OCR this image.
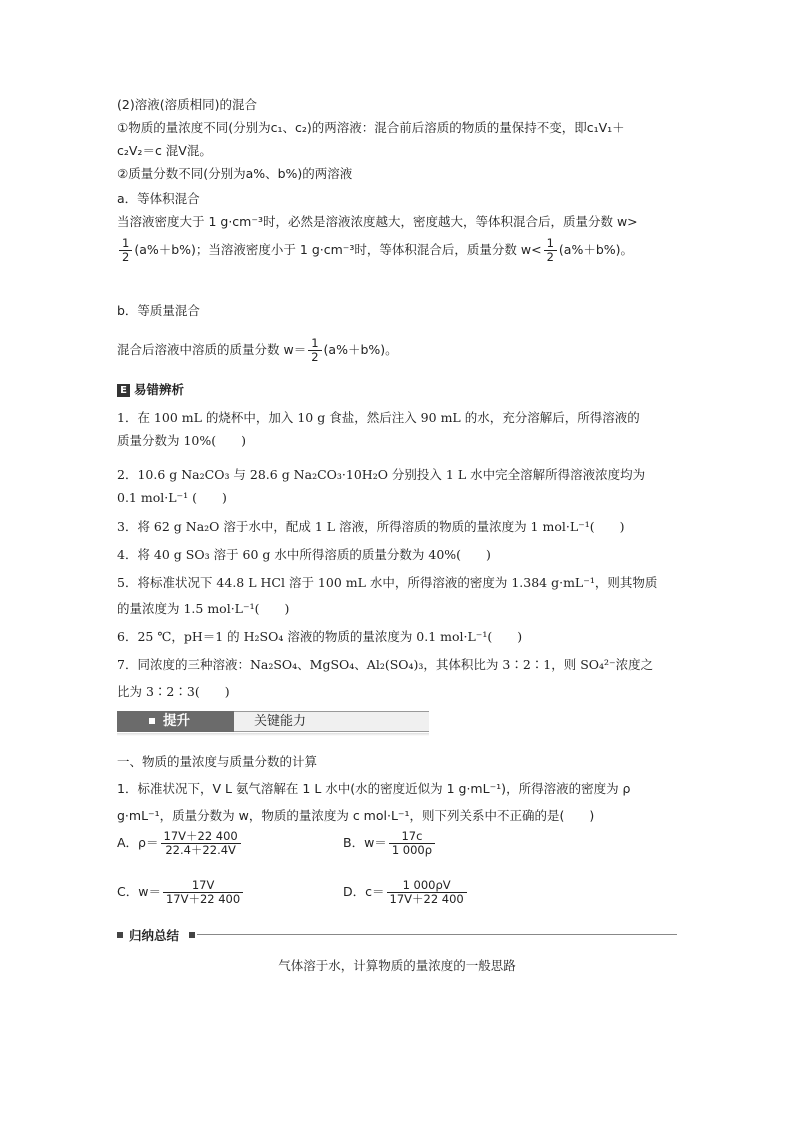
(2)溶液(溶质相同)的混合
①物质的量浓度不同(分别为c₁、c₂)的两溶液：混合前后溶质的物质的量保持不变，即c₁V₁＋
c₂V₂＝c 混V混。
②质量分数不同(分别为a%、b%)的两溶液
a．等体积混合
当溶液密度大于 1 g·cm⁻³时，必然是溶液浓度越大，密度越大，等体积混合后，质量分数 w>
$\frac{1}{2} (a\%+b\%)$；当溶液密度小于 1 g·cm⁻³时，等体积混合后，质量分数 $w< \frac{1}{2} (a\%+b\%)$。
b．等质量混合
混合后溶液中溶质的质量分数 $w= \frac{1}{2} (a\%+b\%)$。
E 易错辨析
1．在 100 mL 的烧杯中，加入 10 g 食盐，然后注入 90 mL 的水，充分溶解后，所得溶液的
质量分数为 10%(　　)
2．10.6 g Na₂CO₃ 与 28.6 g Na₂CO₃·10H₂O 分别投入 1 L 水中完全溶解所得溶液浓度均为
0.1 mol·L⁻¹ (　　)
3．将 62 g Na₂O 溶于水中，配成 1 L 溶液，所得溶质的物质的量浓度为 1 mol·L⁻¹(　　)
4．将 40 g SO₃ 溶于 60 g 水中所得溶质的质量分数为 40%(　　)
5．将标准状况下 44.8 L HCl 溶于 100 mL 水中，所得溶液的密度为 1.384 g·mL⁻¹，则其物质
的量浓度为 1.5 mol·L⁻¹(　　)
6．25 ℃，pH＝1 的 H₂SO₄ 溶液的物质的量浓度为 0.1 mol·L⁻¹(　　)
7．同浓度的三种溶液：Na₂SO₄、MgSO₄、Al₂(SO₄)₃，其体积比为 3∶2∶1，则 SO₄²⁻浓度之
比为 3∶2∶3(　　)
提升	关键能力
一、物质的量浓度与质量分数的计算
1．标准状况下，V L 氨气溶解在 1 L 水中(水的密度近似为 1 g·mL⁻¹)，所得溶液的密度为 ρ
g·mL⁻¹，质量分数为 w，物质的量浓度为 c mol·L⁻¹，则下列关系中不正确的是(　　)
A．$\rho= \frac{17V+22 400}{22.4+22.4V}$	B．$w= \frac{17c}{1 000\rho}$
C．$w= \frac{17V}{17V+22 400}$	D．$c= \frac{1 000\rho V}{17V+22 400}$
归纳总结
气体溶于水，计算物质的量浓度的一般思路
